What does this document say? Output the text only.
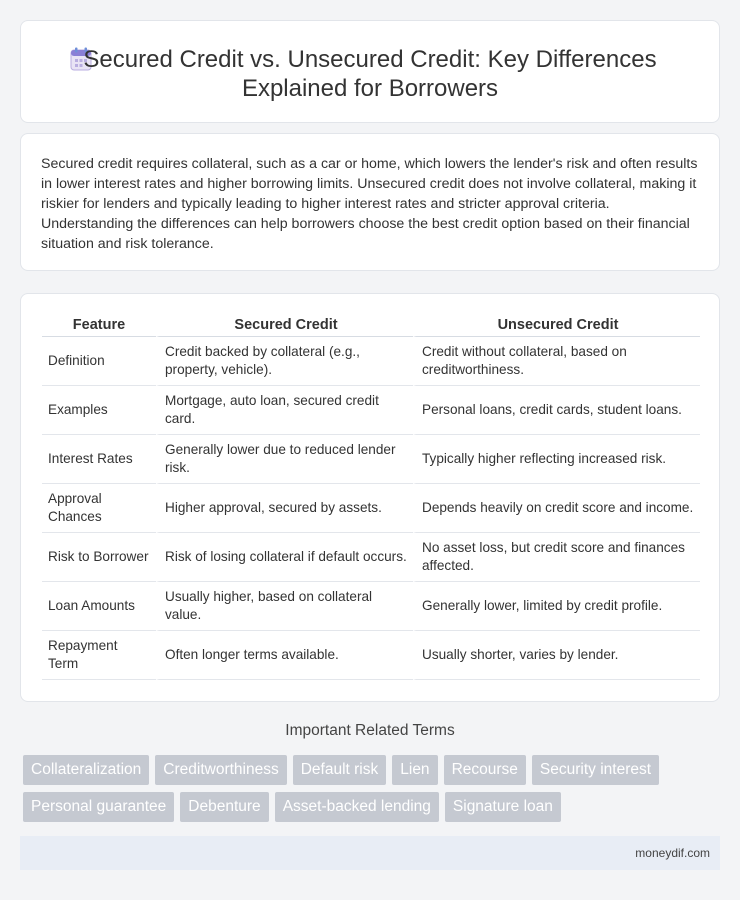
Secured Credit vs. Unsecured Credit: Key Differences Explained for Borrowers

Secured credit requires collateral, such as a car or home, which lowers the lender's risk and often results in lower interest rates and higher borrowing limits. Unsecured credit does not involve collateral, making it riskier for lenders and typically leading to higher interest rates and stricter approval criteria. Understanding the differences can help borrowers choose the best credit option based on their financial situation and risk tolerance.

Feature	Secured Credit	Unsecured Credit
Definition	Credit backed by collateral (e.g., property, vehicle).	Credit without collateral, based on creditworthiness.
Examples	Mortgage, auto loan, secured credit card.	Personal loans, credit cards, student loans.
Interest Rates	Generally lower due to reduced lender risk.	Typically higher reflecting increased risk.
Approval Chances	Higher approval, secured by assets.	Depends heavily on credit score and income.
Risk to Borrower	Risk of losing collateral if default occurs.	No asset loss, but credit score and finances affected.
Loan Amounts	Usually higher, based on collateral value.	Generally lower, limited by credit profile.
Repayment Term	Often longer terms available.	Usually shorter, varies by lender.
Important Related Terms
Collateralization	Creditworthiness	Default risk	Lien	Recourse	Security interest
Personal guarantee	Debenture	Asset-backed lending	Signature loan
moneydif.com
